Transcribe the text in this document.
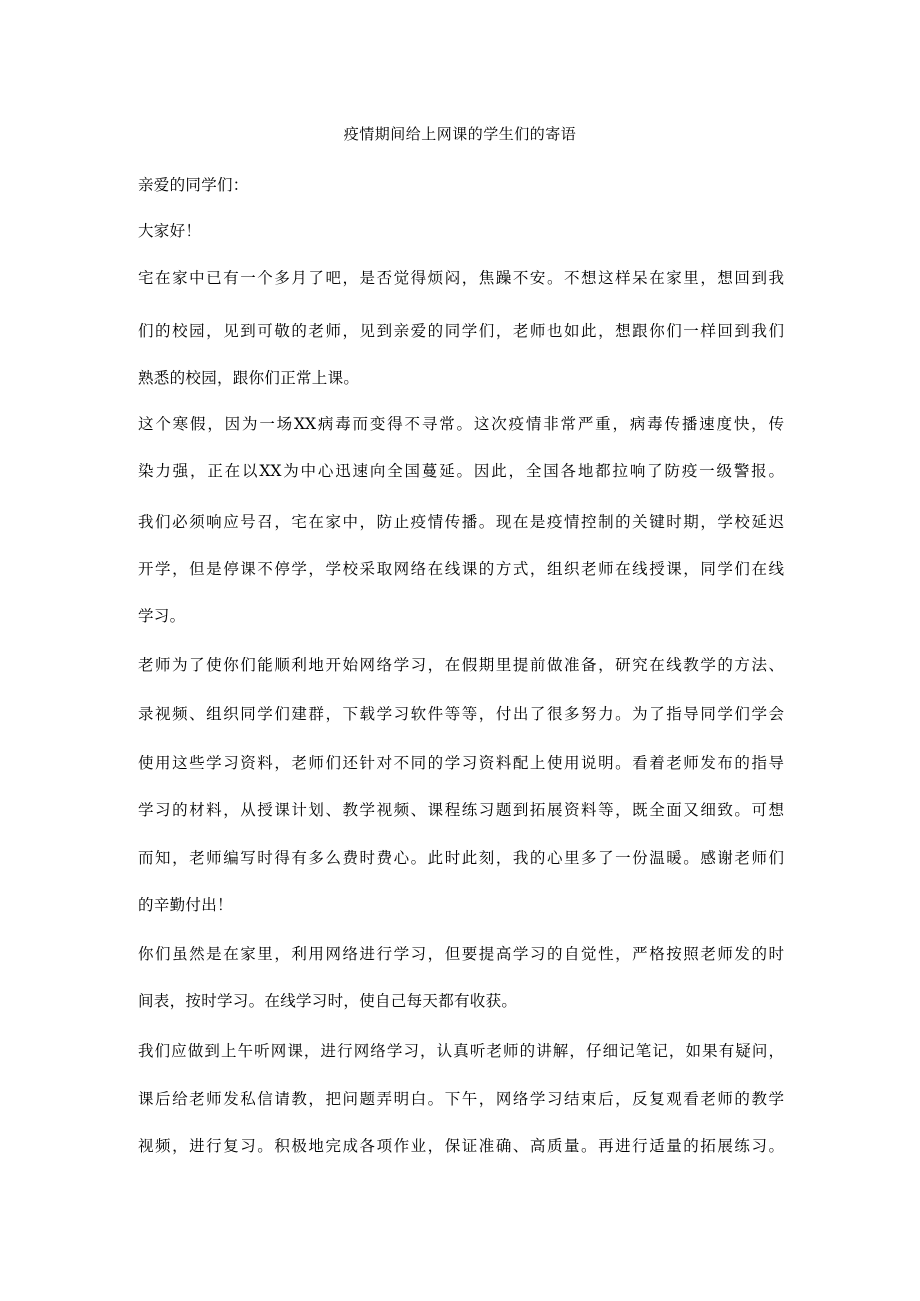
疫情期间给上网课的学生们的寄语
亲爱的同学们：
大家好！
宅在家中已有一个多月了吧，是否觉得烦闷，焦躁不安。不想这样呆在家里，想回到我
们的校园，见到可敬的老师，见到亲爱的同学们，老师也如此，想跟你们一样回到我们
熟悉的校园，跟你们正常上课。
这个寒假，因为一场XX病毒而变得不寻常。这次疫情非常严重，病毒传播速度快，传
染力强，正在以XX为中心迅速向全国蔓延。因此，全国各地都拉响了防疫一级警报。
我们必须响应号召，宅在家中，防止疫情传播。现在是疫情控制的关键时期，学校延迟
开学，但是停课不停学，学校采取网络在线课的方式，组织老师在线授课，同学们在线
学习。
老师为了使你们能顺利地开始网络学习，在假期里提前做准备，研究在线教学的方法、
录视频、组织同学们建群，下载学习软件等等，付出了很多努力。为了指导同学们学会
使用这些学习资料，老师们还针对不同的学习资料配上使用说明。看着老师发布的指导
学习的材料，从授课计划、教学视频、课程练习题到拓展资料等，既全面又细致。可想
而知，老师编写时得有多么费时费心。此时此刻，我的心里多了一份温暖。感谢老师们
的辛勤付出！
你们虽然是在家里，利用网络进行学习，但要提高学习的自觉性，严格按照老师发的时
间表，按时学习。在线学习时，使自己每天都有收获。
我们应做到上午听网课，进行网络学习，认真听老师的讲解，仔细记笔记，如果有疑问，
课后给老师发私信请教，把问题弄明白。下午，网络学习结束后，反复观看老师的教学
视频，进行复习。积极地完成各项作业，保证准确、高质量。再进行适量的拓展练习。
